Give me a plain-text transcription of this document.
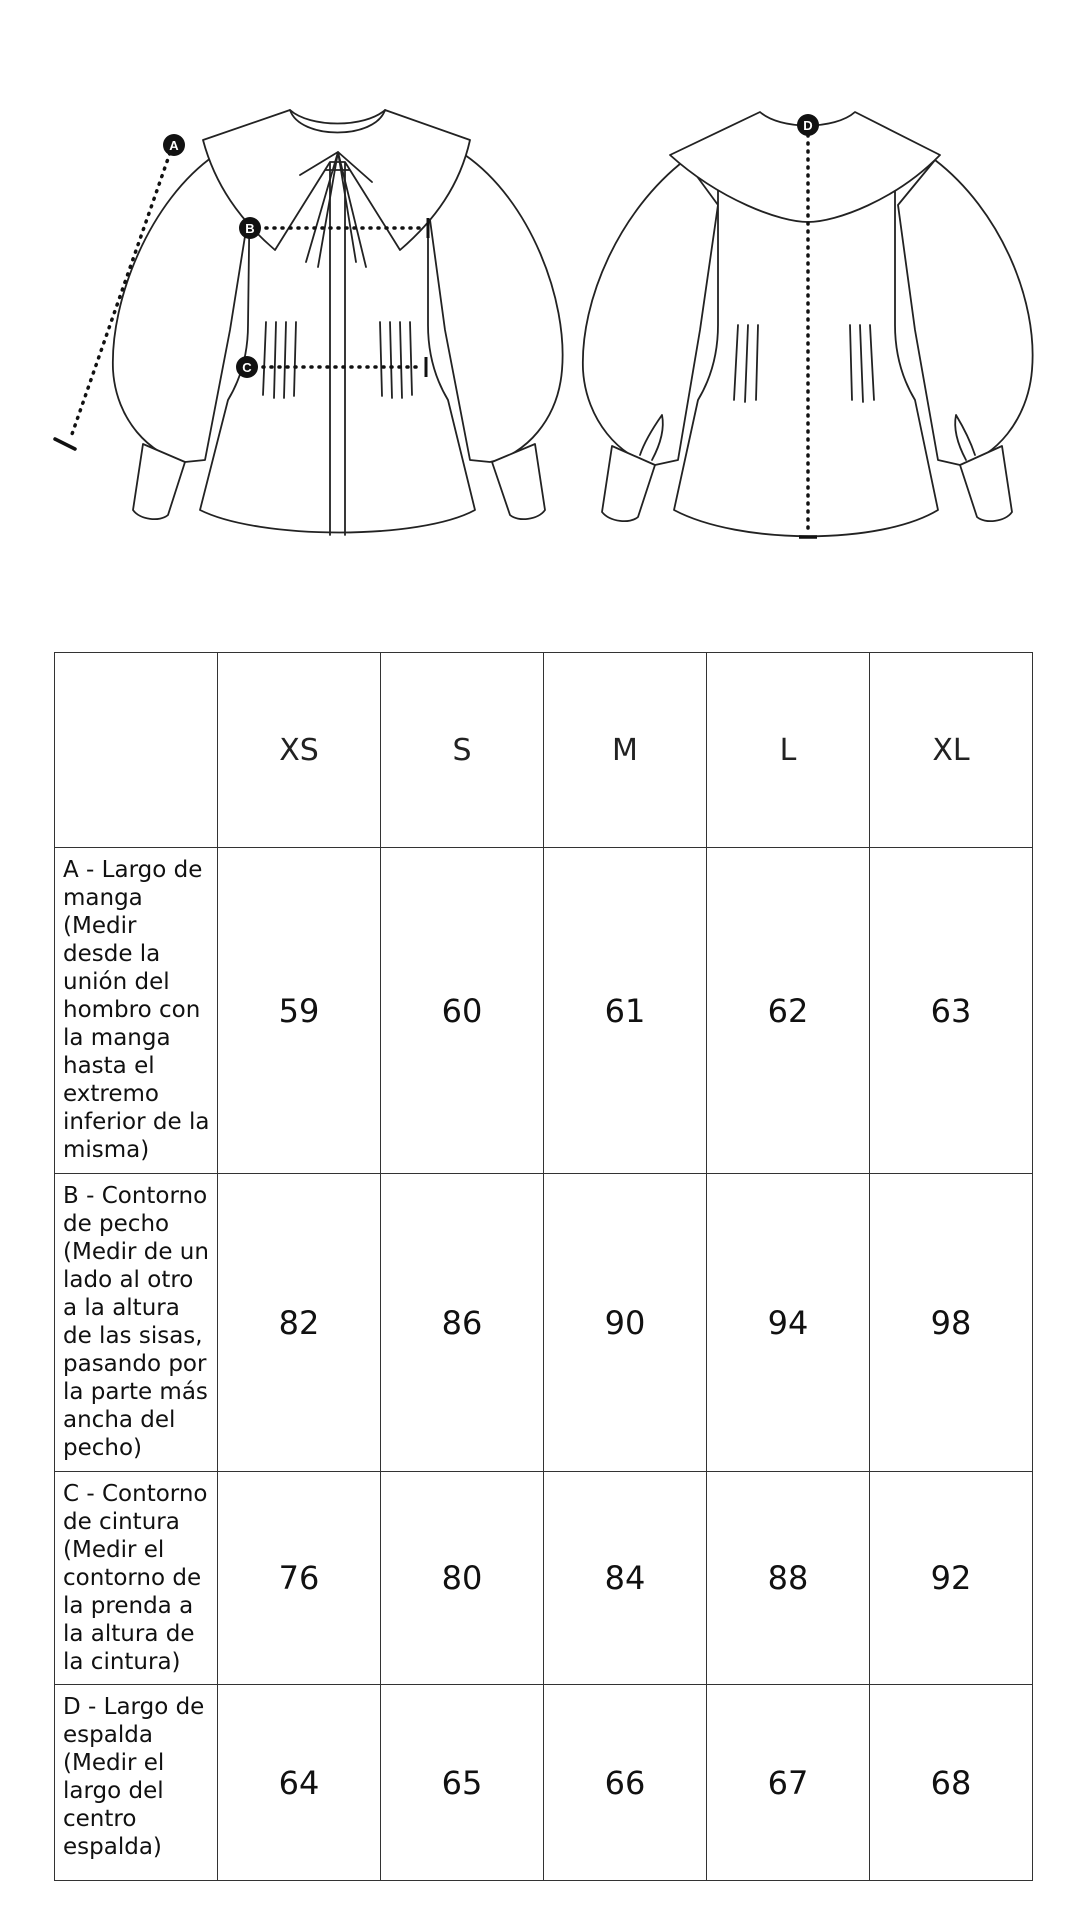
A
B
C
D
	XS	S	M	L	XL
A - Largo de manga (Medir desde la unión del hombro con la manga hasta el extremo inferior de la misma)	59	60	61	62	63
B - Contorno de pecho (Medir de un lado al otro a la altura de las sisas, pasando por la parte más ancha del pecho)	82	86	90	94	98
C - Contorno de cintura (Medir el contorno de la prenda a la altura de la cintura)	76	80	84	88	92
D - Largo de espalda (Medir el largo del centro espalda)	64	65	66	67	68
